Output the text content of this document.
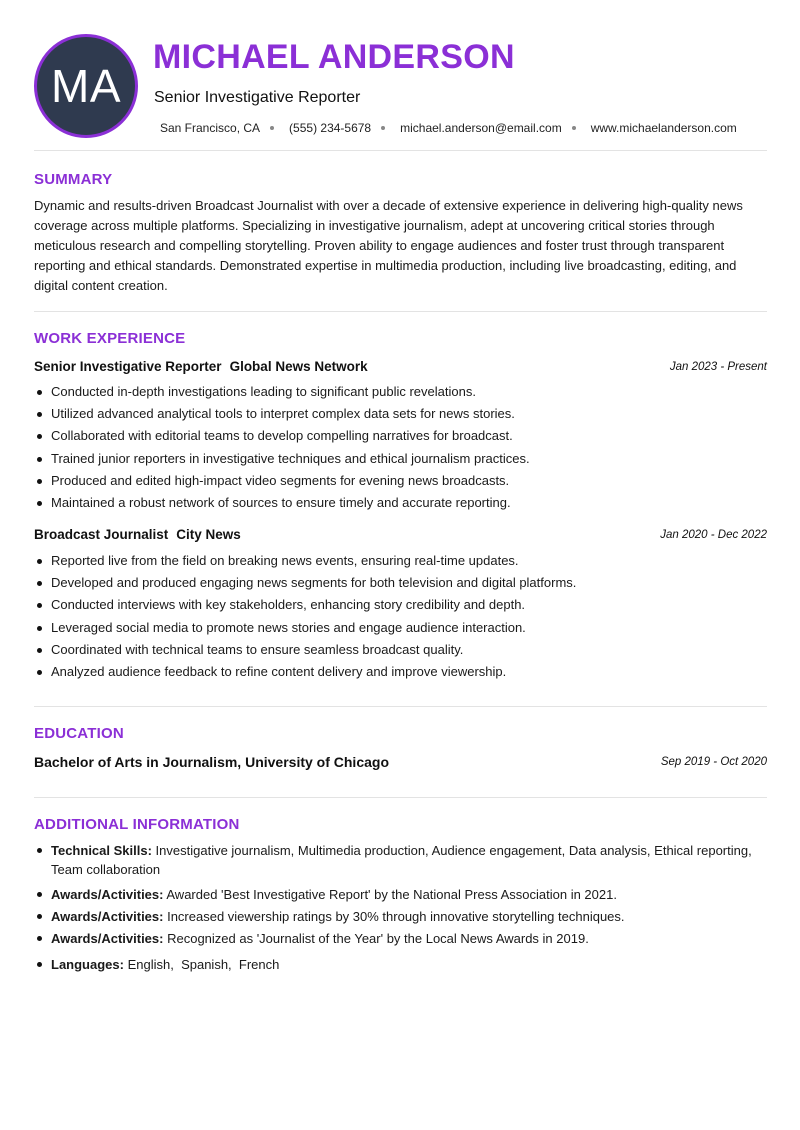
MA
MICHAEL ANDERSON
Senior Investigative Reporter
San Francisco, CA (555) 234-5678 michael.anderson@email.com www.michaelanderson.com
SUMMARY

Dynamic and results-driven Broadcast Journalist with over a decade of extensive experience in delivering high-quality news coverage across multiple platforms. Specializing in investigative journalism, adept at uncovering critical stories through meticulous research and compelling storytelling. Proven ability to engage audiences and foster trust through transparent reporting and ethical standards. Demonstrated expertise in multimedia production, including live broadcasting, editing, and digital content creation.

WORK EXPERIENCE
Senior Investigative Reporter Global News Network	Jan 2023 - Present
Conducted in-depth investigations leading to significant public revelations.
Utilized advanced analytical tools to interpret complex data sets for news stories.
Collaborated with editorial teams to develop compelling narratives for broadcast.
Trained junior reporters in investigative techniques and ethical journalism practices.
Produced and edited high-impact video segments for evening news broadcasts.
Maintained a robust network of sources to ensure timely and accurate reporting.
Broadcast Journalist City News	Jan 2020 - Dec 2022
Reported live from the field on breaking news events, ensuring real-time updates.
Developed and produced engaging news segments for both television and digital platforms.
Conducted interviews with key stakeholders, enhancing story credibility and depth.
Leveraged social media to promote news stories and engage audience interaction.
Coordinated with technical teams to ensure seamless broadcast quality.
Analyzed audience feedback to refine content delivery and improve viewership.
EDUCATION
Bachelor of Arts in Journalism, University of Chicago	Sep 2019 - Oct 2020
ADDITIONAL INFORMATION
Technical Skills: Investigative journalism, Multimedia production, Audience engagement, Data analysis, Ethical reporting, Team collaboration
Awards/Activities: Awarded 'Best Investigative Report' by the National Press Association in 2021.
Awards/Activities: Increased viewership ratings by 30% through innovative storytelling techniques.
Awards/Activities: Recognized as 'Journalist of the Year' by the Local News Awards in 2019.
Languages: English,  Spanish,  French
